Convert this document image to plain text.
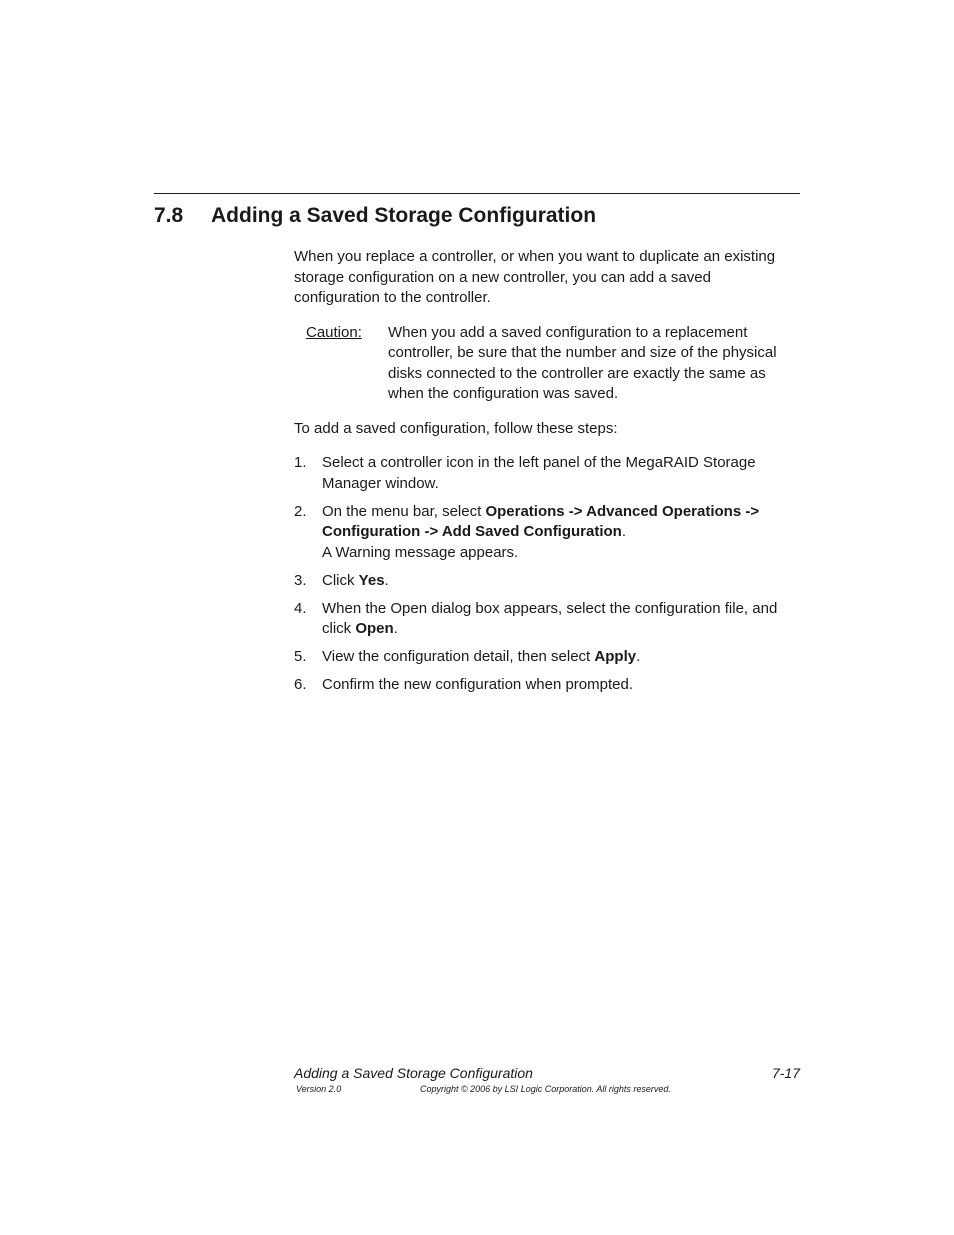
7.8 Adding a Saved Storage Configuration

When you replace a controller, or when you want to duplicate an existing storage configuration on a new controller, you can add a saved configuration to the controller.

Caution:	When you add a saved configuration to a replacement controller, be sure that the number and size of the physical disks connected to the controller are exactly the same as when the configuration was saved.

To add a saved configuration, follow these steps:

1.	Select a controller icon in the left panel of the MegaRAID Storage Manager window.
2.	On the menu bar, select Operations -> Advanced Operations -> Configuration -> Add Saved Configuration.

A Warning message appears.

3.	Click Yes.
4.	When the Open dialog box appears, select the configuration file, and click Open.
5.	View the configuration detail, then select Apply.
6.	Confirm the new configuration when prompted.
Adding a Saved Storage Configuration	7-17
Version 2.0	Copyright © 2006 by LSI Logic Corporation. All rights reserved.
